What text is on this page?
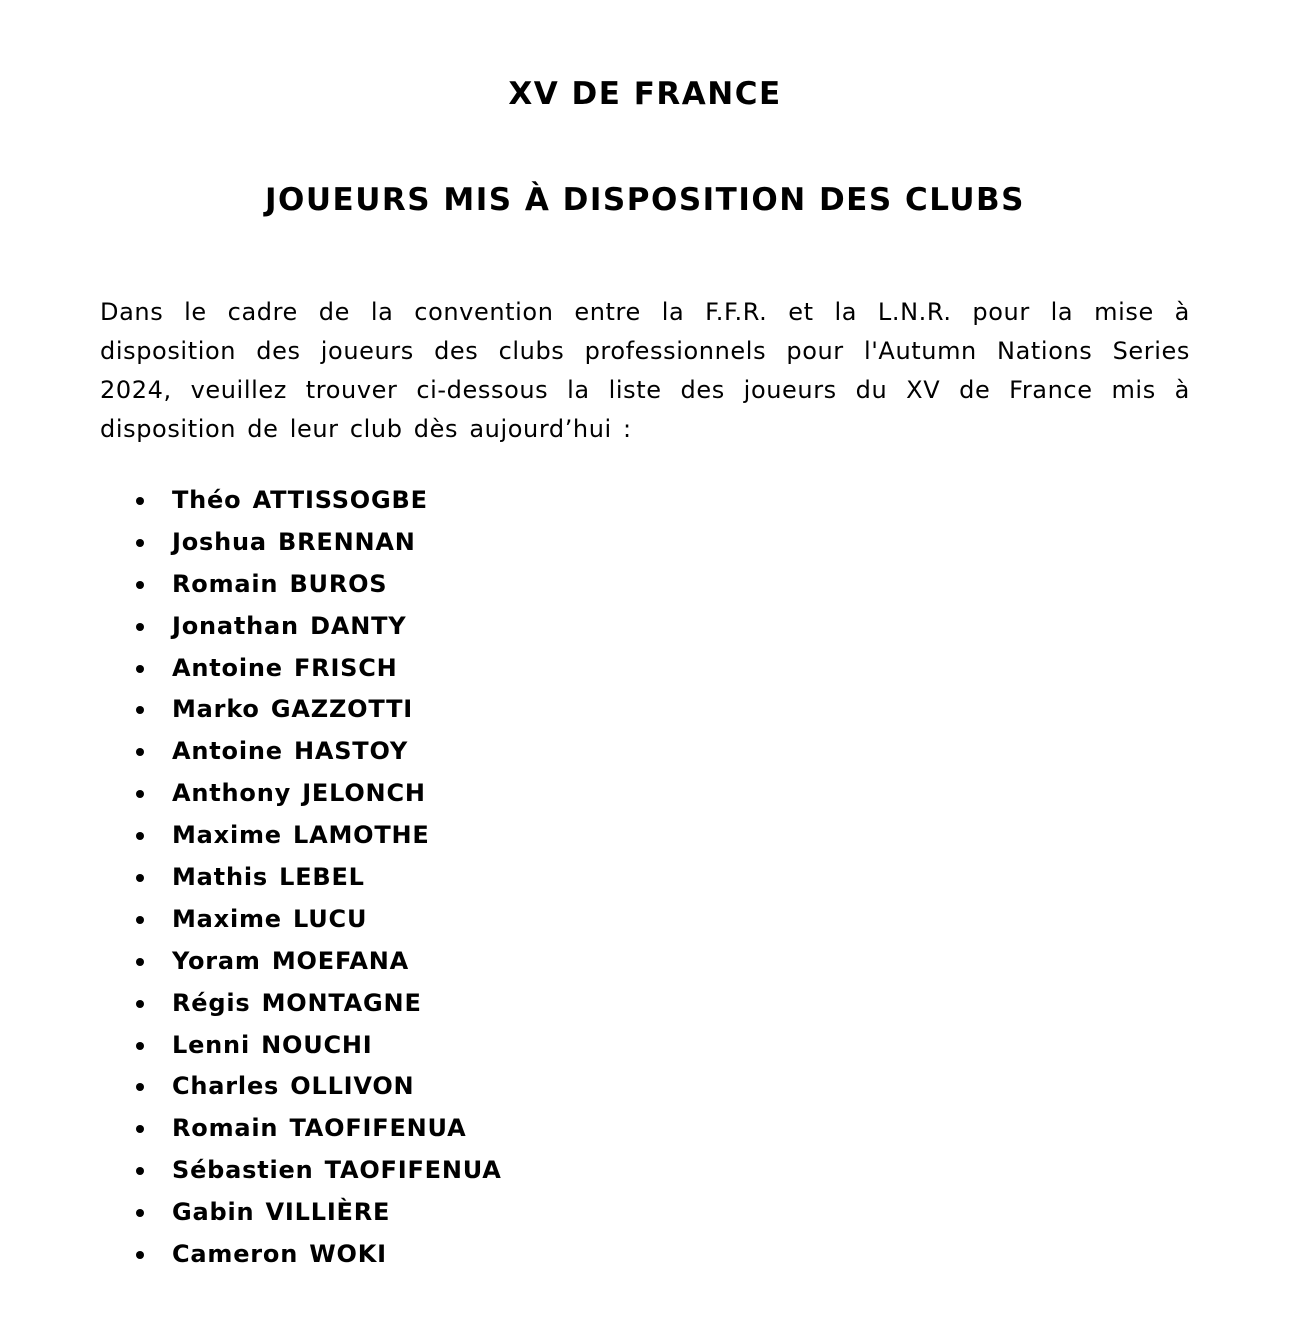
XV DE FRANCE
JOUEURS MIS À DISPOSITION DES CLUBS

Dans le cadre de la convention entre la F.F.R. et la L.N.R. pour la mise à disposition des joueurs des clubs professionnels pour l'Autumn Nations Series 2024, veuillez trouver ci-dessous la liste des joueurs du XV de France mis à disposition de leur club dès aujourd’hui :

Théo ATTISSOGBE
Joshua BRENNAN
Romain BUROS
Jonathan DANTY
Antoine FRISCH
Marko GAZZOTTI
Antoine HASTOY
Anthony JELONCH
Maxime LAMOTHE
Mathis LEBEL
Maxime LUCU
Yoram MOEFANA
Régis MONTAGNE
Lenni NOUCHI
Charles OLLIVON
Romain TAOFIFENUA
Sébastien TAOFIFENUA
Gabin VILLIÈRE
Cameron WOKI
